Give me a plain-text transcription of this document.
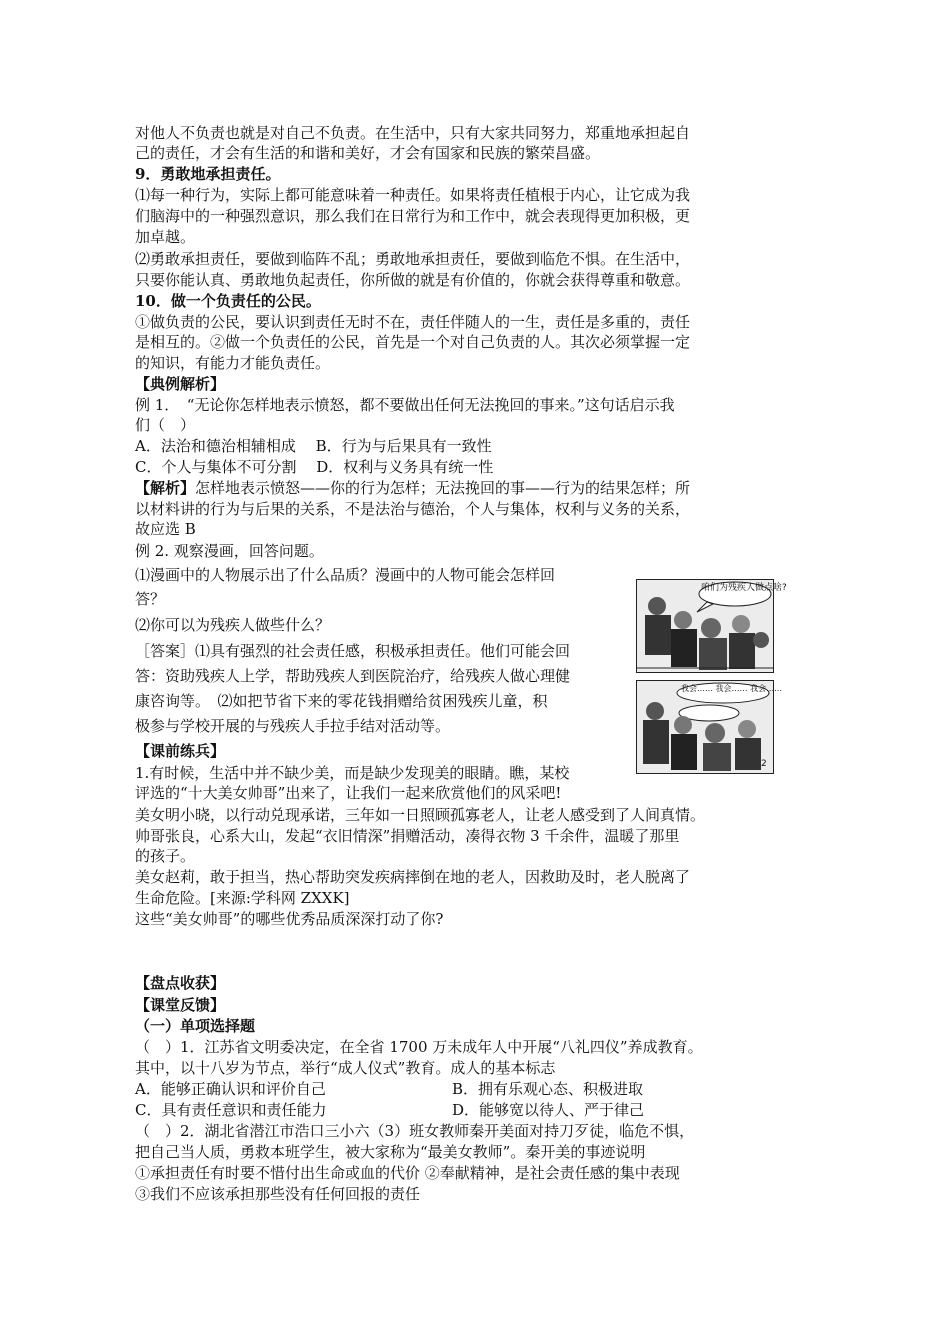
对他人不负责也就是对自己不负责。在生活中，只有大家共同努力，郑重地承担起自
己的责任，才会有生活的和谐和美好，才会有国家和民族的繁荣昌盛。
9．勇敢地承担责任。
⑴每一种行为，实际上都可能意味着一种责任。如果将责任植根于内心，让它成为我
们脑海中的一种强烈意识，那么我们在日常行为和工作中，就会表现得更加积极，更
加卓越。
⑵勇敢承担责任，要做到临阵不乱；勇敢地承担责任，要做到临危不惧。在生活中，
只要你能认真、勇敢地负起责任，你所做的就是有价值的，你就会获得尊重和敬意。
10．做一个负责任的公民。
①做负责的公民，要认识到责任无时不在，责任伴随人的一生，责任是多重的，责任
是相互的。②做一个负责任的公民，首先是一个对自己负责的人。其次必须掌握一定
的知识，有能力才能负责任。
【典例解析】
例 1．　“无论你怎样地表示愤怒，都不要做出任何无法挽回的事来。”这句话启示我
们（　）
A．法治和德治相辅相成　 B．行为与后果具有一致性
C．个人与集体不可分割　 D．权利与义务具有统一性
【解析】怎样地表示愤怒——你的行为怎样；无法挽回的事——行为的结果怎样；所
以材料讲的行为与后果的关系，不是法治与德治，个人与集体，权利与义务的关系，
故应选 B
例 2. 观察漫画，回答问题。
⑴漫画中的人物展示出了什么品质？漫画中的人物可能会怎样回
答？
⑵你可以为残疾人做些什么？
［答案］⑴具有强烈的社会责任感，积极承担责任。他们可能会回
答：资助残疾人上学，帮助残疾人到医院治疗，给残疾人做心理健
康咨询等。　⑵如把节省下来的零花钱捐赠给贫困残疾儿童，积
极参与学校开展的与残疾人手拉手结对活动等。
咱们为残疾人做点啥?
我会…… 我会…… 我会……
2
【课前练兵】
1.有时候，生活中并不缺少美，而是缺少发现美的眼睛。瞧，某校
评选的“十大美女帅哥”出来了，让我们一起来欣赏他们的风采吧!
美女明小晓，以行动兑现承诺，三年如一日照顾孤寡老人，让老人感受到了人间真情。
帅哥张良，心系大山，发起“衣旧情深”捐赠活动，凑得衣物 3 千余件，温暖了那里
的孩子。
美女赵莉，敢于担当，热心帮助突发疾病摔倒在地的老人，因救助及时，老人脱离了
生命危险。[来源:学科网 ZXXK]
这些“美女帅哥”的哪些优秀品质深深打动了你?
【盘点收获】
【课堂反馈】
（一）单项选择题
（　）1．江苏省文明委决定，在全省 1700 万未成年人中开展“八礼四仪”养成教育。
其中，以十八岁为节点，举行“成人仪式”教育。成人的基本标志
A．能够正确认识和评价自己	B．拥有乐观心态、积极进取
C．具有责任意识和责任能力	D．能够宽以待人、严于律己
（　）2．湖北省潜江市浩口三小六（3）班女教师秦开美面对持刀歹徒，临危不惧，
把自己当人质，勇救本班学生，被大家称为“最美女教师”。秦开美的事迹说明
①承担责任有时要不惜付出生命或血的代价 ②奉献精神，是社会责任感的集中表现
③我们不应该承担那些没有任何回报的责任
